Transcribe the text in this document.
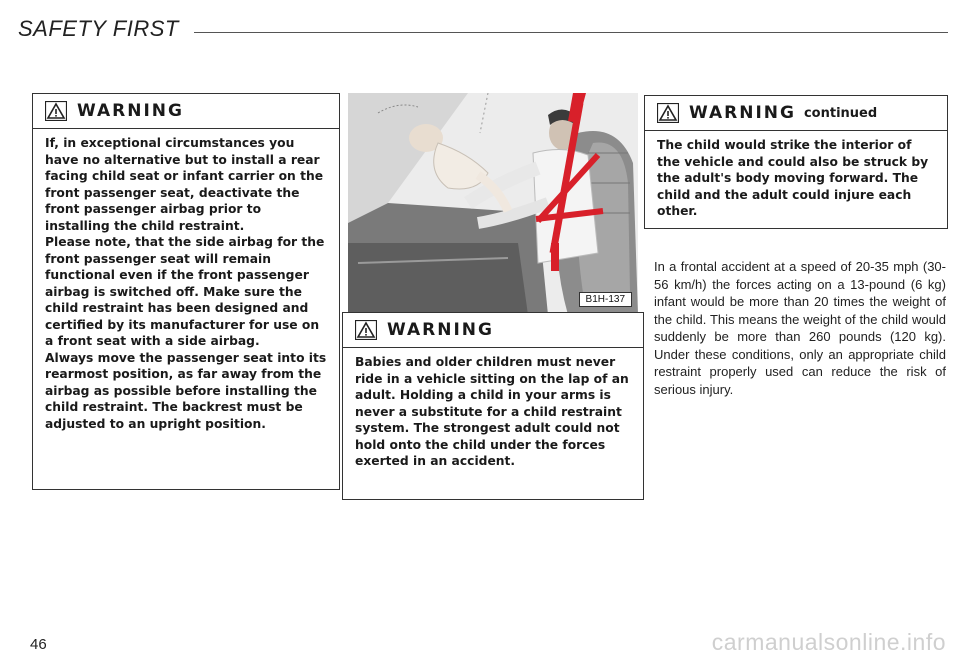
SAFETY FIRST
WARNING

If, in exceptional circumstances you have no alternative but to install a rear facing child seat or infant carrier on the front passenger seat, deactivate the front passenger airbag prior to installing the child restraint.

Please note, that the side airbag for the front passenger seat will remain functional even if the front passenger airbag is switched off. Make sure the child restraint has been designed and certified by its manufacturer for use on a front seat with a side airbag.

Always move the passenger seat into its rearmost position, as far away from the airbag as possible before installing the child restraint. The backrest must be adjusted to an upright position.

B1H-137
WARNING

Babies and older children must never ride in a vehicle sitting on the lap of an adult. Holding a child in your arms is never a substitute for a child restraint system. The strongest adult could not hold onto the child under the forces exerted in an accident.

WARNING continued

The child would strike the interior of the vehicle and could also be struck by the adult's body moving forward. The child and the adult could injure each other.

In a frontal accident at a speed of 20-35 mph (30-56 km/h) the forces acting on a 13-pound (6 kg) infant would be more than 20 times the weight of the child. This means the weight of the child would suddenly be more than 260 pounds (120 kg). Under these conditions, only an appropriate child restraint properly used can reduce the risk of serious injury.
46	carmanualsonline.info
